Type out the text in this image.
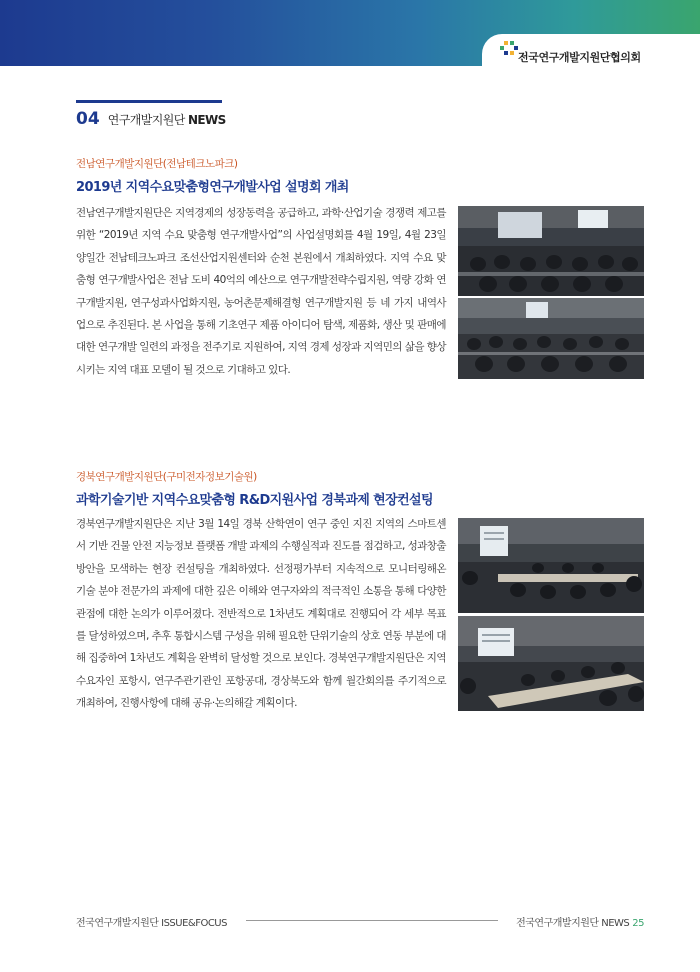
전국연구개발지원단협의회
04 연구개발지원단 NEWS
전남연구개발지원단(전남테크노파크)
2019년 지역수요맞춤형연구개발사업 설명회 개최

전남연구개발지원단은 지역경제의 성장동력을 공급하고, 과학·산업기술 경쟁력 제고를 위한 “2019년 지역 수요 맞춤형 연구개발사업”의 사업설명회를 4월 19일, 4월 23일 양일간 전남테크노파크 조선산업지원센터와 순천 본원에서 개최하였다. 지역 수요 맞춤형 연구개발사업은 전남 도비 40억의 예산으로 연구개발전략수립지원, 역량 강화 연구개발지원, 연구성과사업화지원, 농어촌문제해결형 연구개발지원 등 네 가지 내역사업으로 추진된다. 본 사업을 통해 기초연구 제품 아이디어 탐색, 제품화, 생산 및 판매에 대한 연구개발 일련의 과정을 전주기로 지원하여, 지역 경제 성장과 지역민의 삶을 향상시키는 지역 대표 모델이 될 것으로 기대하고 있다.

경북연구개발지원단(구미전자정보기술원)
과학기술기반 지역수요맞춤형 R&D지원사업 경북과제 현장컨설팅

경북연구개발지원단은 지난 3월 14일 경북 산학연이 연구 중인 지진 지역의 스마트센서 기반 건물 안전 지능정보 플랫폼 개발 과제의 수행실적과 진도를 점검하고, 성과창출 방안을 모색하는 현장 컨설팅을 개최하였다. 선정평가부터 지속적으로 모니터링해온 기술 분야 전문가의 과제에 대한 깊은 이해와 연구자와의 적극적인 소통을 통해 다양한 관점에 대한 논의가 이루어졌다. 전반적으로 1차년도 계획대로 진행되어 각 세부 목표를 달성하였으며, 추후 통합시스템 구성을 위해 필요한 단위기술의 상호 연동 부분에 대해 집중하여 1차년도 계획을 완벽히 달성할 것으로 보인다. 경북연구개발지원단은 지역수요자인 포항시, 연구주관기관인 포항공대, 경상북도와 함께 월간회의를 주기적으로 개최하여, 진행사항에 대해 공유·논의해갈 계획이다.

전국연구개발지원단 ISSUE&FOCUS	전국연구개발지원단 NEWS 25
